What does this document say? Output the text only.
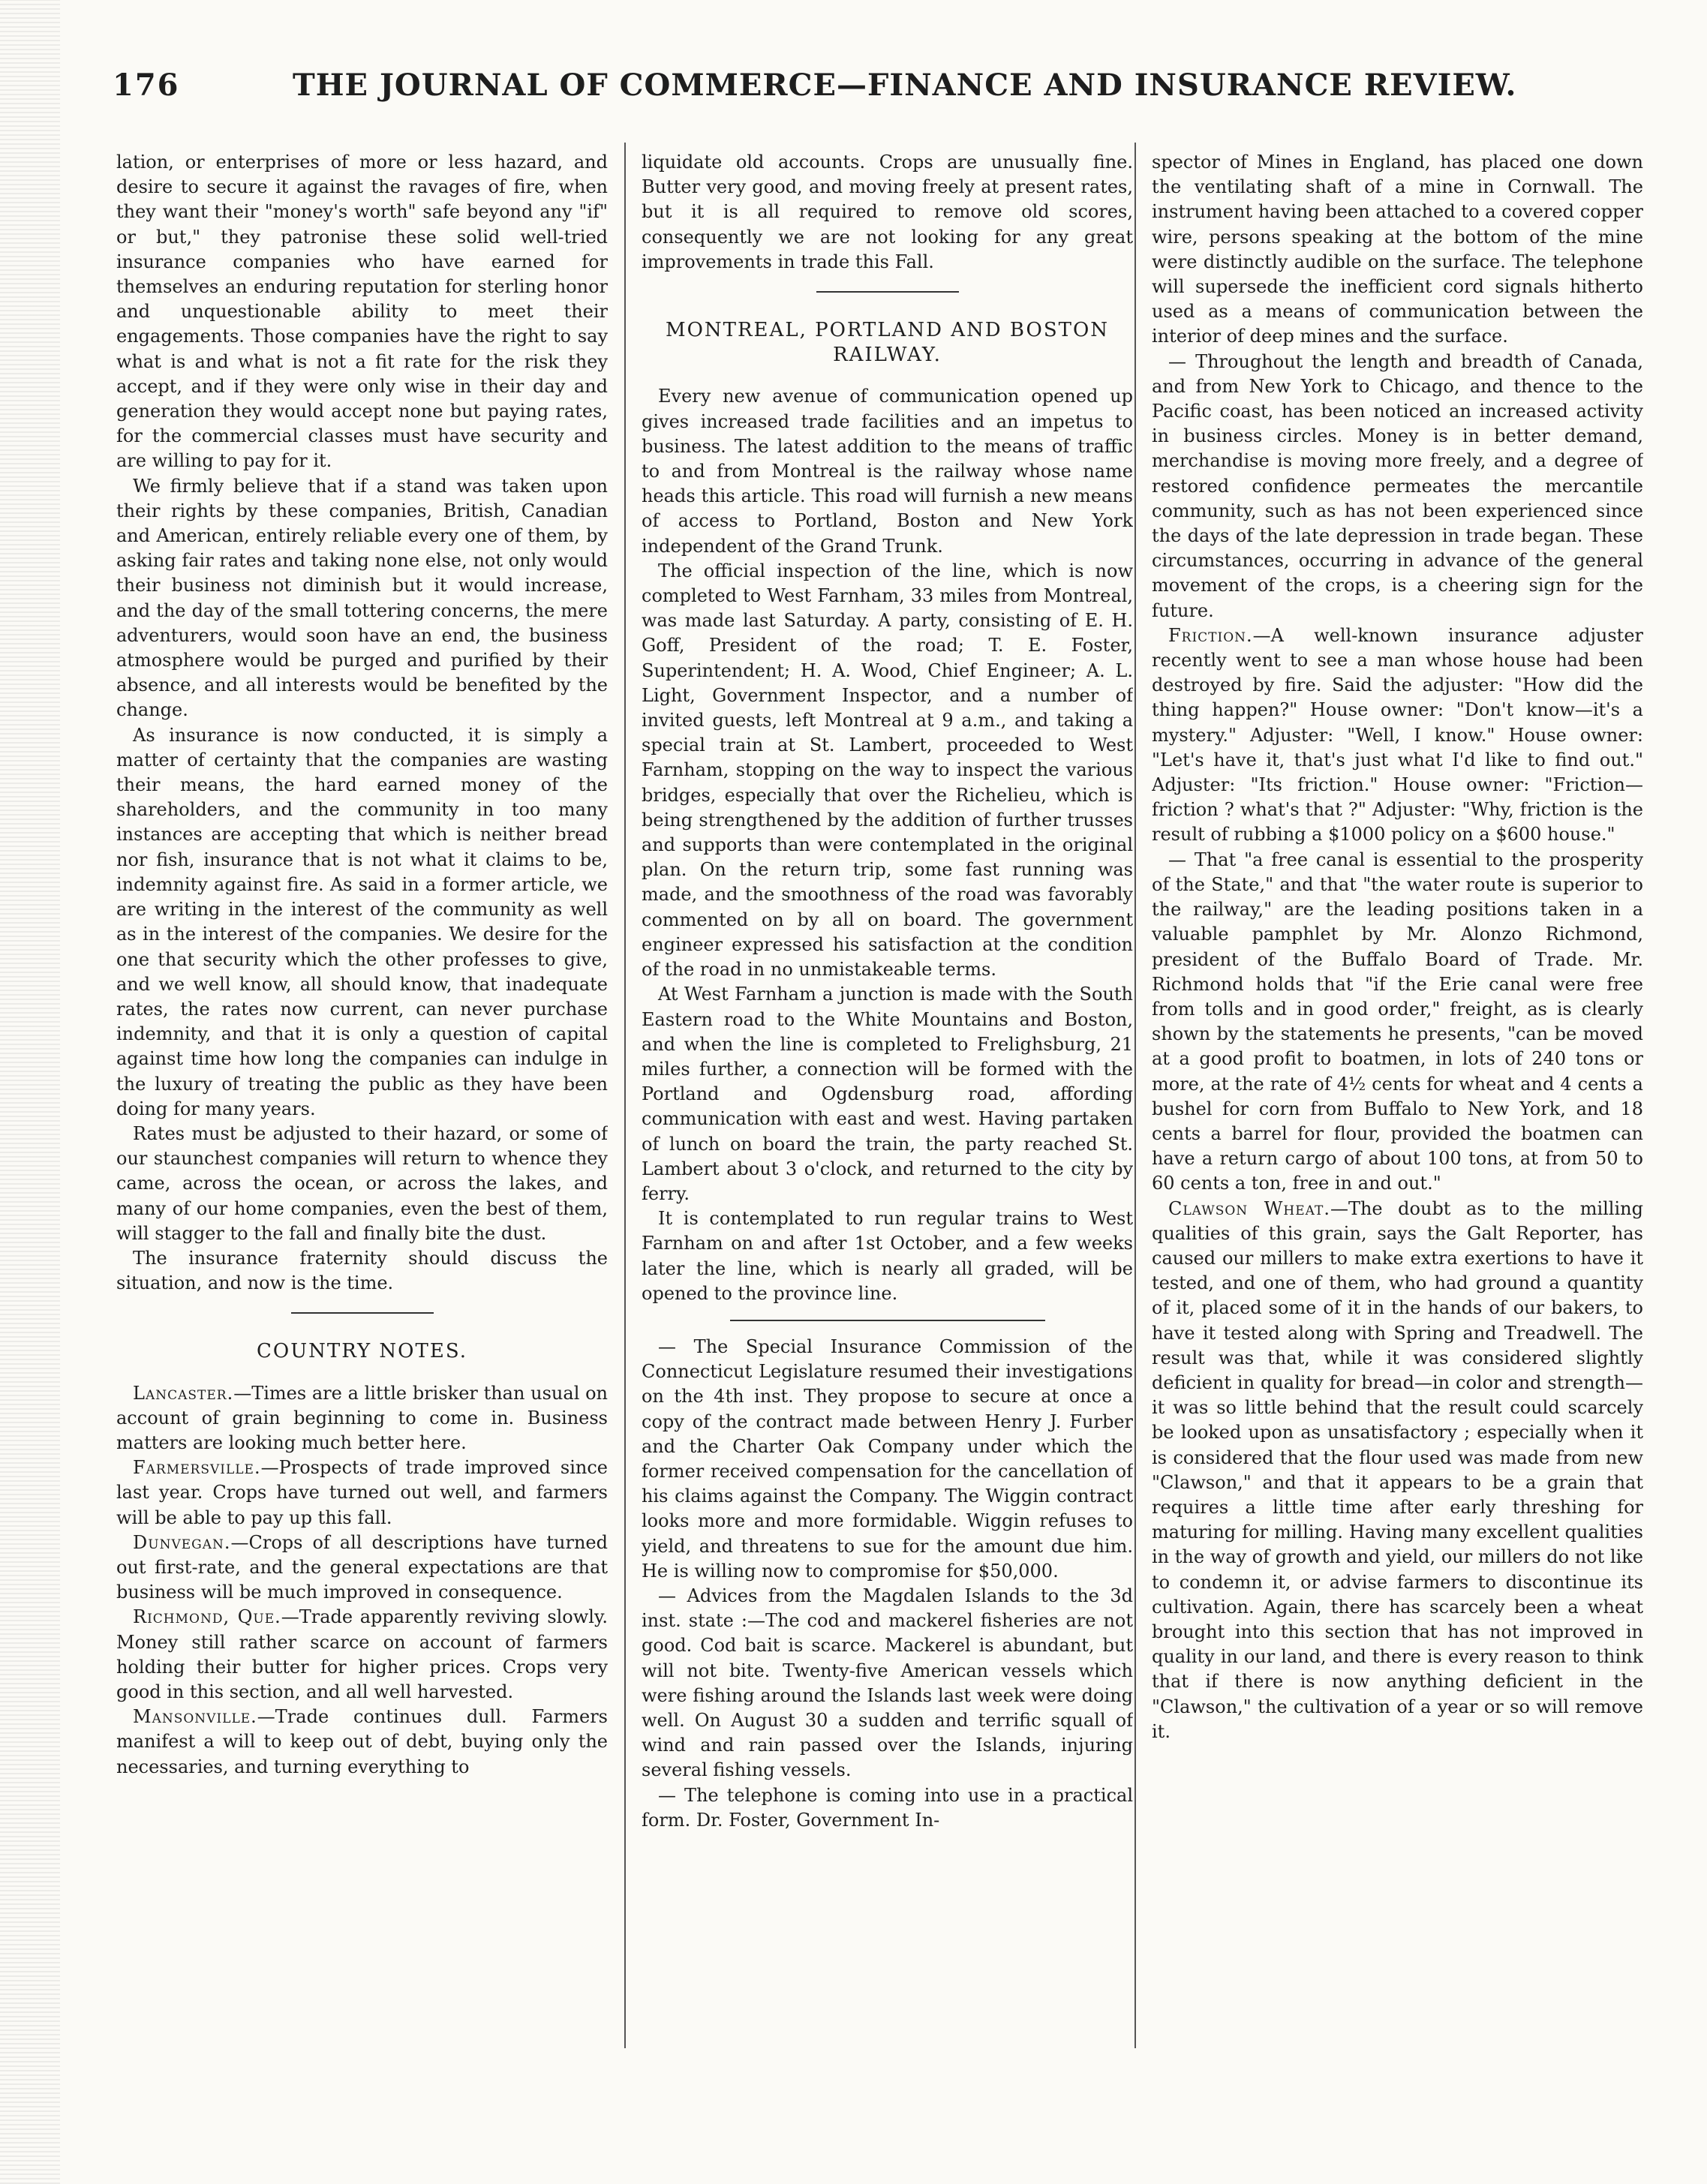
176	THE JOURNAL OF COMMERCE—FINANCE AND INSURANCE REVIEW.

lation, or enterprises of more or less hazard, and desire to secure it against the ravages of fire, when they want their "money's worth" safe beyond any "if" or but," they patronise these solid well-tried insurance companies who have earned for themselves an enduring reputation for sterling honor and unquestionable ability to meet their engagements. Those companies have the right to say what is and what is not a fit rate for the risk they accept, and if they were only wise in their day and generation they would accept none but paying rates, for the commercial classes must have security and are willing to pay for it.

We firmly believe that if a stand was taken upon their rights by these companies, British, Canadian and American, entirely reliable every one of them, by asking fair rates and taking none else, not only would their business not diminish but it would increase, and the day of the small tottering concerns, the mere adventurers, would soon have an end, the business atmosphere would be purged and purified by their absence, and all interests would be benefited by the change.

As insurance is now conducted, it is simply a matter of certainty that the companies are wasting their means, the hard earned money of the shareholders, and the community in too many instances are accepting that which is neither bread nor fish, insurance that is not what it claims to be, indemnity against fire. As said in a former article, we are writing in the interest of the community as well as in the interest of the companies. We desire for the one that security which the other professes to give, and we well know, all should know, that inadequate rates, the rates now current, can never purchase indemnity, and that it is only a question of capital against time how long the companies can indulge in the luxury of treating the public as they have been doing for many years.

Rates must be adjusted to their hazard, or some of our staunchest companies will return to whence they came, across the ocean, or across the lakes, and many of our home companies, even the best of them, will stagger to the fall and finally bite the dust.

The insurance fraternity should discuss the situation, and now is the time.

COUNTRY NOTES.

Lancaster.—Times are a little brisker than usual on account of grain beginning to come in. Business matters are looking much better here.

Farmersville.—Prospects of trade improved since last year. Crops have turned out well, and farmers will be able to pay up this fall.

Dunvegan.—Crops of all descriptions have turned out first-rate, and the general expectations are that business will be much improved in consequence.

Richmond, Que.—Trade apparently reviving slowly. Money still rather scarce on account of farmers holding their butter for higher prices. Crops very good in this section, and all well harvested.

Mansonville.—Trade continues dull. Farmers manifest a will to keep out of debt, buying only the necessaries, and turning everything to

liquidate old accounts. Crops are unusually fine. Butter very good, and moving freely at present rates, but it is all required to remove old scores, consequently we are not looking for any great improvements in trade this Fall.

MONTREAL, PORTLAND AND BOSTON RAILWAY.

Every new avenue of communication opened up gives increased trade facilities and an impetus to business. The latest addition to the means of traffic to and from Montreal is the railway whose name heads this article. This road will furnish a new means of access to Portland, Boston and New York independent of the Grand Trunk.

The official inspection of the line, which is now completed to West Farnham, 33 miles from Montreal, was made last Saturday. A party, consisting of E. H. Goff, President of the road; T. E. Foster, Superintendent; H. A. Wood, Chief Engineer; A. L. Light, Government Inspector, and a number of invited guests, left Montreal at 9 a.m., and taking a special train at St. Lambert, proceeded to West Farnham, stopping on the way to inspect the various bridges, especially that over the Richelieu, which is being strengthened by the addition of further trusses and supports than were contemplated in the original plan. On the return trip, some fast running was made, and the smoothness of the road was favorably commented on by all on board. The government engineer expressed his satisfaction at the condition of the road in no unmistakeable terms.

At West Farnham a junction is made with the South Eastern road to the White Mountains and Boston, and when the line is completed to Frelighsburg, 21 miles further, a connection will be formed with the Portland and Ogdensburg road, affording communication with east and west. Having partaken of lunch on board the train, the party reached St. Lambert about 3 o'clock, and returned to the city by ferry.

It is contemplated to run regular trains to West Farnham on and after 1st October, and a few weeks later the line, which is nearly all graded, will be opened to the province line.

— The Special Insurance Commission of the Connecticut Legislature resumed their investigations on the 4th inst. They propose to secure at once a copy of the contract made between Henry J. Furber and the Charter Oak Company under which the former received compensation for the cancellation of his claims against the Company. The Wiggin contract looks more and more formidable. Wiggin refuses to yield, and threatens to sue for the amount due him. He is willing now to compromise for $50,000.

— Advices from the Magdalen Islands to the 3d inst. state :—The cod and mackerel fisheries are not good. Cod bait is scarce. Mackerel is abundant, but will not bite. Twenty-five American vessels which were fishing around the Islands last week were doing well. On August 30 a sudden and terrific squall of wind and rain passed over the Islands, injuring several fishing vessels.

— The telephone is coming into use in a practical form. Dr. Foster, Government In-

spector of Mines in England, has placed one down the ventilating shaft of a mine in Cornwall. The instrument having been attached to a covered copper wire, persons speaking at the bottom of the mine were distinctly audible on the surface. The telephone will supersede the inefficient cord signals hitherto used as a means of communication between the interior of deep mines and the surface.

— Throughout the length and breadth of Canada, and from New York to Chicago, and thence to the Pacific coast, has been noticed an increased activity in business circles. Money is in better demand, merchandise is moving more freely, and a degree of restored confidence permeates the mercantile community, such as has not been experienced since the days of the late depression in trade began. These circumstances, occurring in advance of the general movement of the crops, is a cheering sign for the future.

Friction.—A well-known insurance adjuster recently went to see a man whose house had been destroyed by fire. Said the adjuster: "How did the thing happen?" House owner: "Don't know—it's a mystery." Adjuster: "Well, I know." House owner: "Let's have it, that's just what I'd like to find out." Adjuster: "Its friction." House owner: "Friction—friction ? what's that ?" Adjuster: "Why, friction is the result of rubbing a $1000 policy on a $600 house."

— That "a free canal is essential to the prosperity of the State," and that "the water route is superior to the railway," are the leading positions taken in a valuable pamphlet by Mr. Alonzo Richmond, president of the Buffalo Board of Trade. Mr. Richmond holds that "if the Erie canal were free from tolls and in good order," freight, as is clearly shown by the statements he presents, "can be moved at a good profit to boatmen, in lots of 240 tons or more, at the rate of 4½ cents for wheat and 4 cents a bushel for corn from Buffalo to New York, and 18 cents a barrel for flour, provided the boatmen can have a return cargo of about 100 tons, at from 50 to 60 cents a ton, free in and out."

Clawson Wheat.—The doubt as to the milling qualities of this grain, says the Galt Reporter, has caused our millers to make extra exertions to have it tested, and one of them, who had ground a quantity of it, placed some of it in the hands of our bakers, to have it tested along with Spring and Treadwell. The result was that, while it was considered slightly deficient in quality for bread—in color and strength—it was so little behind that the result could scarcely be looked upon as unsatisfactory ; especially when it is considered that the flour used was made from new "Clawson," and that it appears to be a grain that requires a little time after early threshing for maturing for milling. Having many excellent qualities in the way of growth and yield, our millers do not like to condemn it, or advise farmers to discontinue its cultivation. Again, there has scarcely been a wheat brought into this section that has not improved in quality in our land, and there is every reason to think that if there is now anything deficient in the "Clawson," the cultivation of a year or so will remove it.
